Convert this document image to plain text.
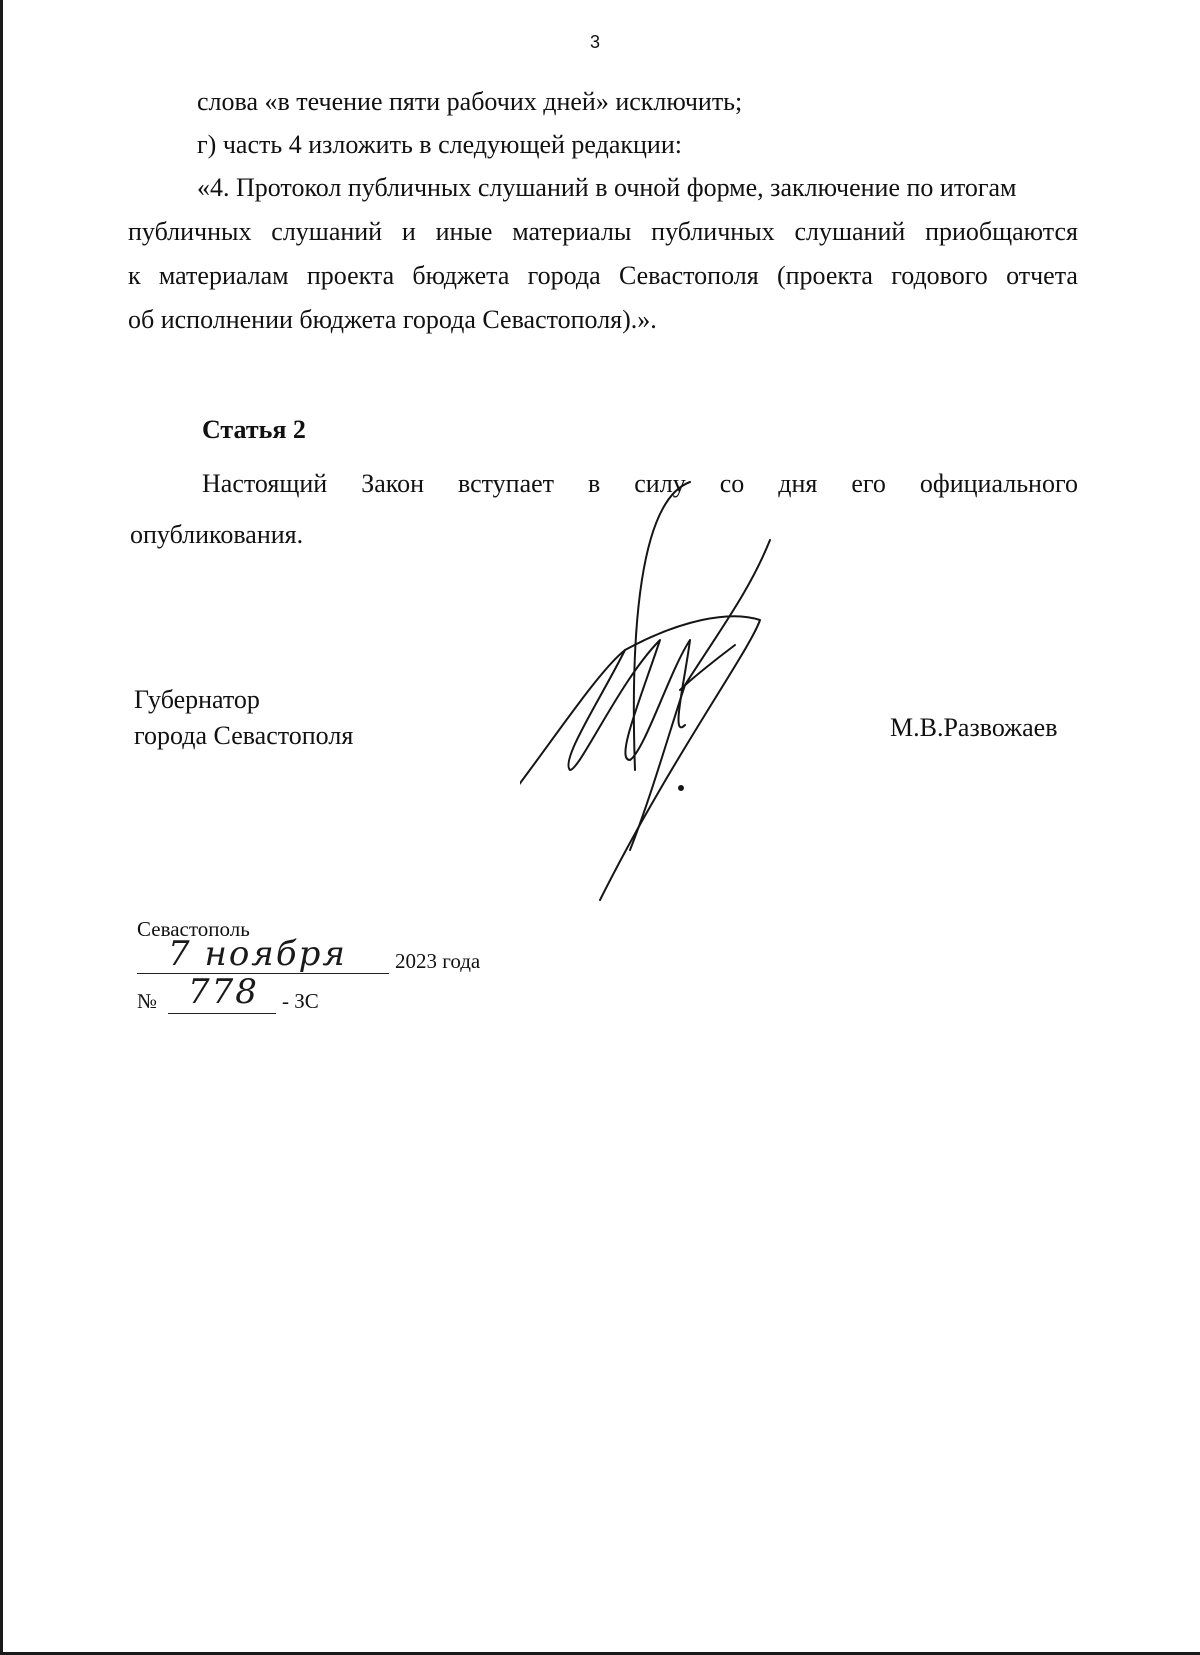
3
слова «в течение пяти рабочих дней» исключить;
г) часть 4 изложить в следующей редакции:
«4. Протокол публичных слушаний в очной форме, заключение по итогам
публичных слушаний и иные материалы публичных слушаний приобщаются
к материалам проекта бюджета города Севастополя (проекта годового отчета
об исполнении бюджета города Севастополя).».
Статья 2
Настоящий Закон вступает в силу со дня его официального
опубликования.
Губернатор
города Севастополя	М.В.Развожаев
Севастополь
7 ноября 2023 года
№ 778 - ЗС
